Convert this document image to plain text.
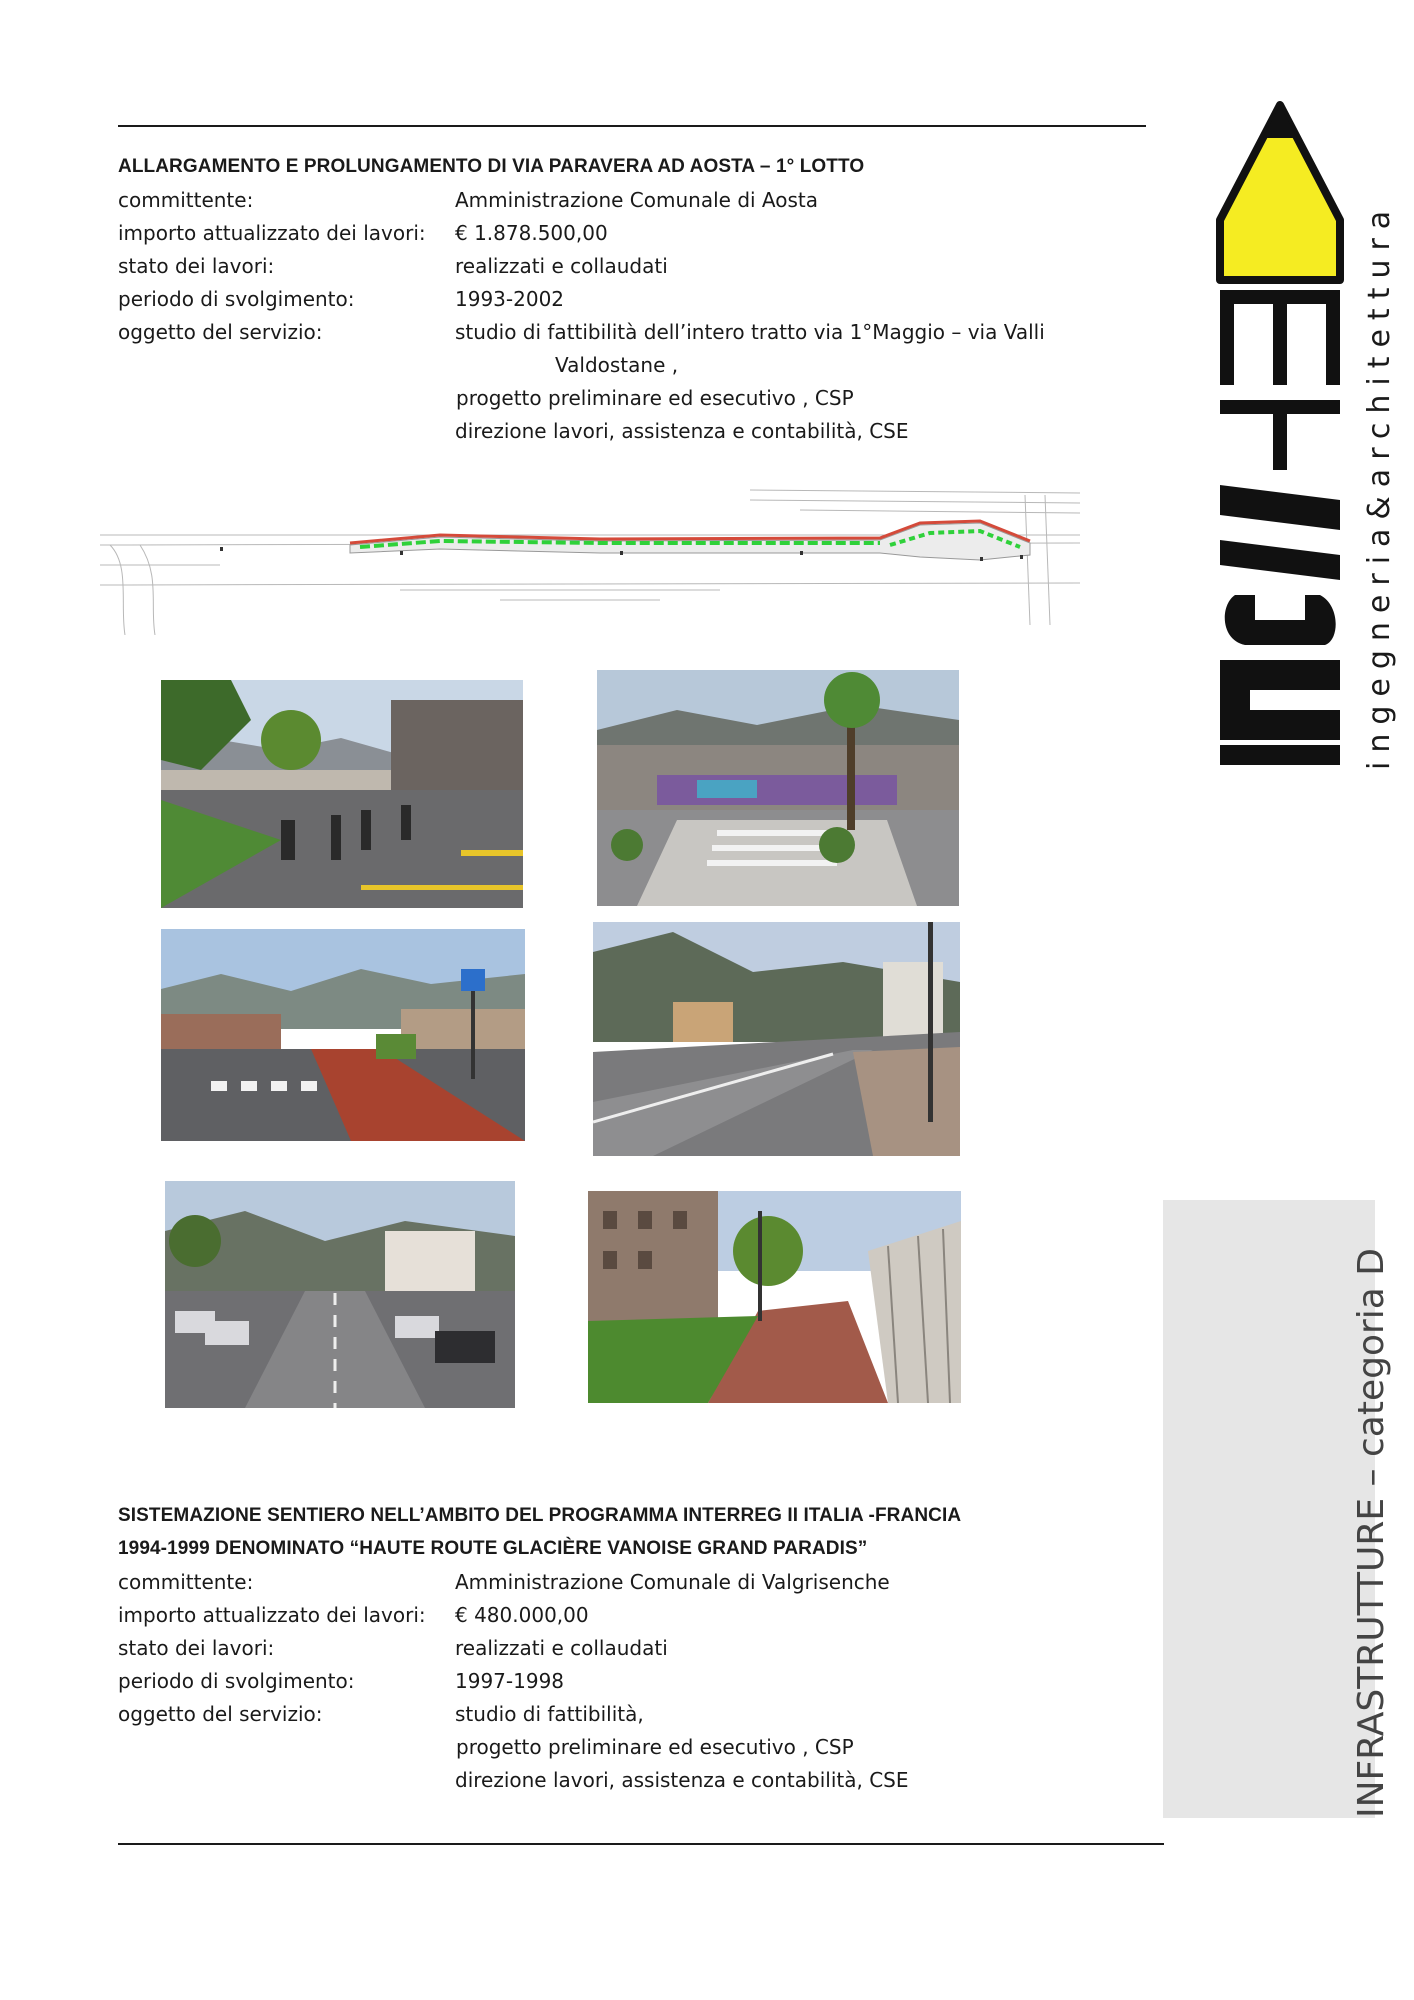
ALLARGAMENTO E PROLUNGAMENTO DI VIA PARAVERA AD AOSTA – 1° LOTTO
committente:	Amministrazione Comunale di Aosta
importo attualizzato dei lavori: € 1.878.500,00
stato dei lavori:	realizzati e collaudati
periodo di svolgimento:	1993-2002
oggetto del servizio:	studio di fattibilità dell’intero tratto via 1°Maggio – via Valli
Valdostane ,
progetto preliminare ed esecutivo , CSP
direzione lavori, assistenza e contabilità, CSE
SISTEMAZIONE SENTIERO NELL’AMBITO DEL PROGRAMMA INTERREG II ITALIA -FRANCIA
1994-1999 DENOMINATO “HAUTE ROUTE GLACIÈRE VANOISE GRAND PARADIS”
committente:	Amministrazione Comunale di Valgrisenche
importo attualizzato dei lavori: € 480.000,00
stato dei lavori:	realizzati e collaudati
periodo di svolgimento:	1997-1998
oggetto del servizio:	studio di fattibilità,
progetto preliminare ed esecutivo , CSP
direzione lavori, assistenza e contabilità, CSE
ingegneria&architettura
INFRASTRUTTURE – categoria D
